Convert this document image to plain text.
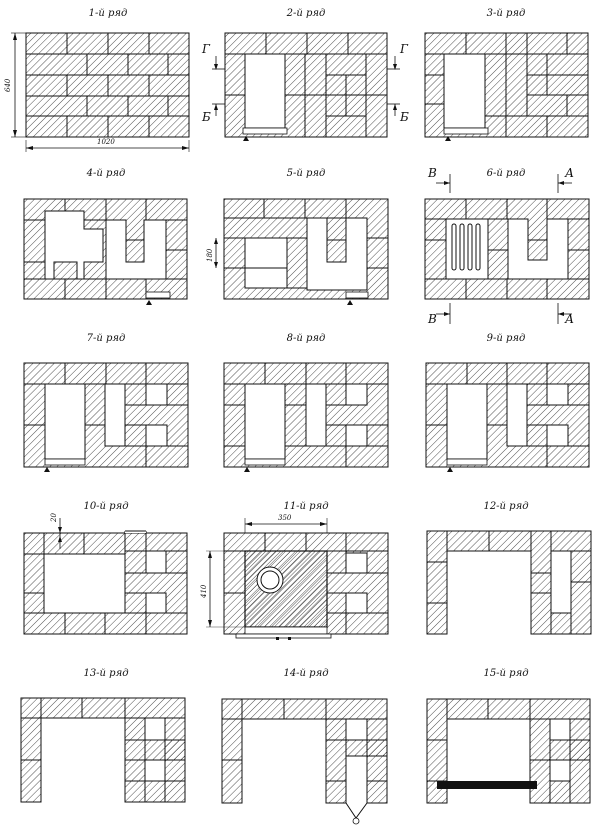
1-й ряд	2-й ряд	3-й ряд
4-й ряд	5-й ряд	6-й ряд
7-й ряд	8-й ряд	9-й ряд
10-й ряд	11-й ряд	12-й ряд
13-й ряд	14-й ряд	15-й ряд
640
1020
180
20	350
410
Г	Г
Б	Б
В	А
В	А
